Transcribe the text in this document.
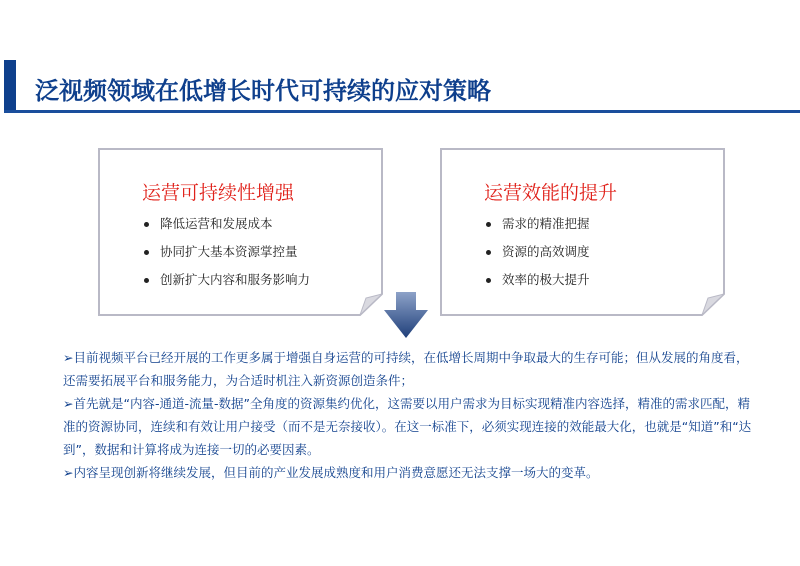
泛视频领域在低增长时代可持续的应对策略
运营可持续性增强
降低运营和发展成本
协同扩大基本资源掌控量
创新扩大内容和服务影响力
运营效能的提升
需求的精准把握
资源的高效调度
效率的极大提升

➢目前视频平台已经开展的工作更多属于增强自身运营的可持续，在低增长周期中争取最大的生存可能；但从发展的角度看，还需要拓展平台和服务能力，为合适时机注入新资源创造条件；

➢首先就是“内容-通道-流量-数据”全角度的资源集约优化，这需要以用户需求为目标实现精准内容选择，精准的需求匹配，精准的资源协同，连续和有效让用户接受（而不是无奈接收）。在这一标准下，必须实现连接的效能最大化，也就是“知道”和“达到”，数据和计算将成为连接一切的必要因素。

➢内容呈现创新将继续发展，但目前的产业发展成熟度和用户消费意愿还无法支撑一场大的变革。
